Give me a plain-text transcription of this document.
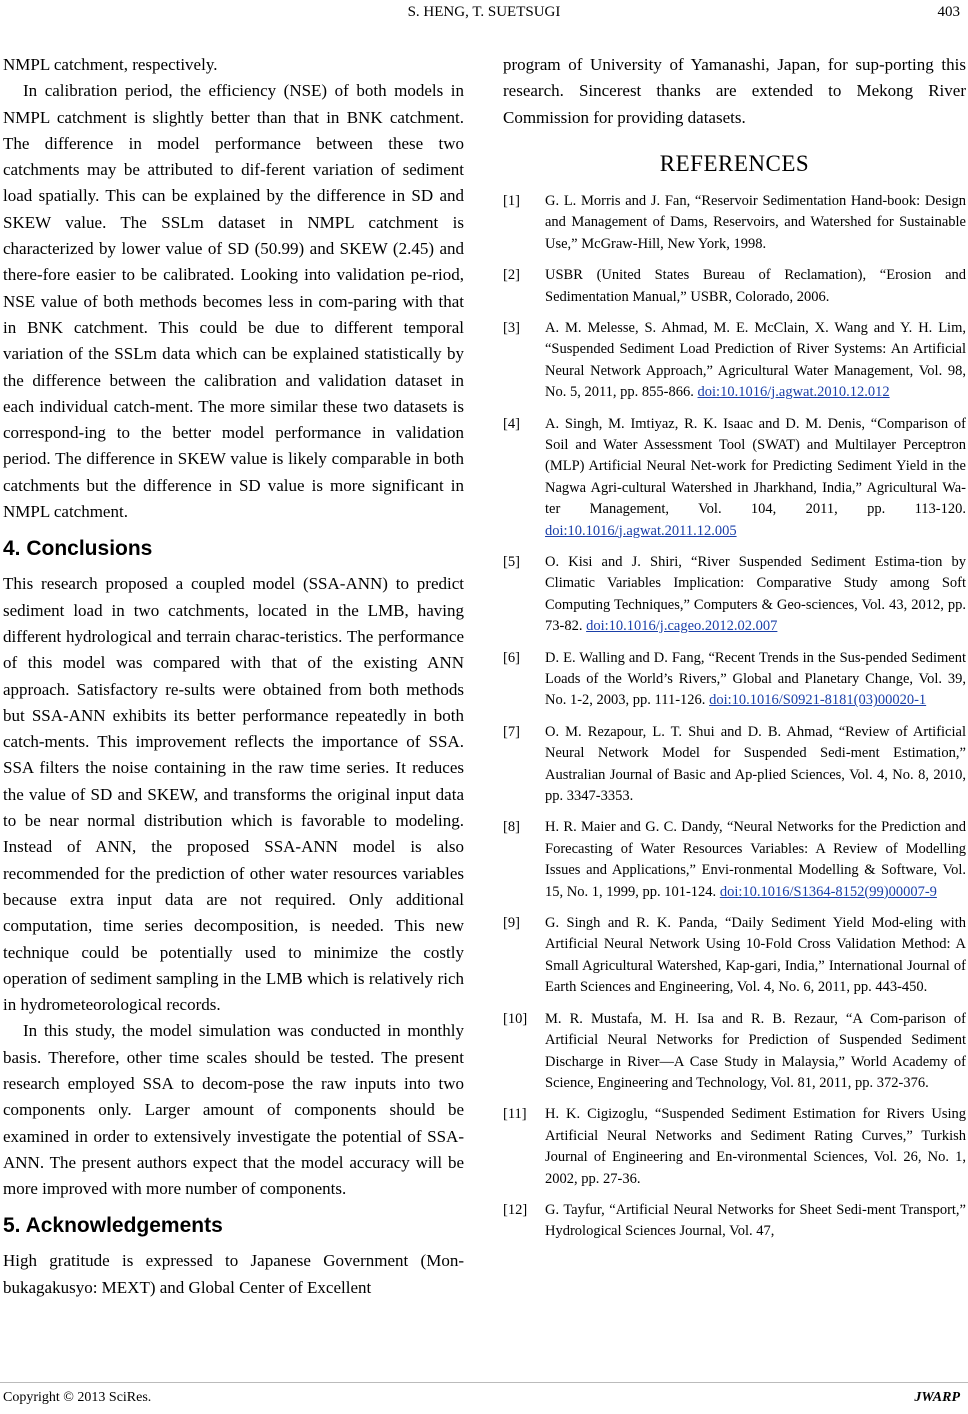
S. HENG, T. SUETSUGI	403

NMPL catchment, respectively.

In calibration period, the efficiency (NSE) of both models in NMPL catchment is slightly better than that in BNK catchment. The difference in model performance between these two catchments may be attributed to dif-ferent variation of sediment load spatially. This can be explained by the difference in SD and SKEW value. The SSLm dataset in NMPL catchment is characterized by lower value of SD (50.99) and SKEW (2.45) and there-fore easier to be calibrated. Looking into validation pe-riod, NSE value of both methods becomes less in com-paring with that in BNK catchment. This could be due to different temporal variation of the SSLm data which can be explained statistically by the difference between the calibration and validation dataset in each individual catch-ment. The more similar these two datasets is correspond-ing to the better model performance in validation period. The difference in SKEW value is likely comparable in both catchments but the difference in SD value is more significant in NMPL catchment.

4. Conclusions

This research proposed a coupled model (SSA-ANN) to predict sediment load in two catchments, located in the LMB, having different hydrological and terrain charac-teristics. The performance of this model was compared with that of the existing ANN approach. Satisfactory re-sults were obtained from both methods but SSA-ANN exhibits its better performance repeatedly in both catch-ments. This improvement reflects the importance of SSA. SSA filters the noise containing in the raw time series. It reduces the value of SD and SKEW, and transforms the original input data to be near normal distribution which is favorable to modeling. Instead of ANN, the proposed SSA-ANN model is also recommended for the prediction of other water resources variables because extra input data are not required. Only additional computation, time series decomposition, is needed. This new technique could be potentially used to minimize the costly operation of sediment sampling in the LMB which is relatively rich in hydrometeorological records.

In this study, the model simulation was conducted in monthly basis. Therefore, other time scales should be tested. The present research employed SSA to decom-pose the raw inputs into two components only. Larger amount of components should be examined in order to extensively investigate the potential of SSA-ANN. The present authors expect that the model accuracy will be more improved with more number of components.

5. Acknowledgements

High gratitude is expressed to Japanese Government (Mon-bukagakusyo: MEXT) and Global Center of Excellent

program of University of Yamanashi, Japan, for sup-porting this research. Sincerest thanks are extended to Mekong River Commission for providing datasets.

REFERENCES
[1]	G. L. Morris and J. Fan, “Reservoir Sedimentation Hand-book: Design and Management of Dams, Reservoirs, and Watershed for Sustainable Use,” McGraw-Hill, New York, 1998.
[2]	USBR (United States Bureau of Reclamation), “Erosion and Sedimentation Manual,” USBR, Colorado, 2006.
[3]	A. M. Melesse, S. Ahmad, M. E. McClain, X. Wang and Y. H. Lim, “Suspended Sediment Load Prediction of River Systems: An Artificial Neural Network Approach,” Agricultural Water Management, Vol. 98, No. 5, 2011, pp. 855-866. doi:10.1016/j.agwat.2010.12.012
[4]	A. Singh, M. Imtiyaz, R. K. Isaac and D. M. Denis, “Comparison of Soil and Water Assessment Tool (SWAT) and Multilayer Perceptron (MLP) Artificial Neural Net-work for Predicting Sediment Yield in the Nagwa Agri-cultural Watershed in Jharkhand, India,” Agricultural Wa-ter Management, Vol. 104, 2011, pp. 113-120. doi:10.1016/j.agwat.2011.12.005
[5]	O. Kisi and J. Shiri, “River Suspended Sediment Estima-tion by Climatic Variables Implication: Comparative Study among Soft Computing Techniques,” Computers & Geo-sciences, Vol. 43, 2012, pp. 73-82. doi:10.1016/j.cageo.2012.02.007
[6]	D. E. Walling and D. Fang, “Recent Trends in the Sus-pended Sediment Loads of the World’s Rivers,” Global and Planetary Change, Vol. 39, No. 1-2, 2003, pp. 111-126. doi:10.1016/S0921-8181(03)00020-1
[7]	O. M. Rezapour, L. T. Shui and D. B. Ahmad, “Review of Artificial Neural Network Model for Suspended Sedi-ment Estimation,” Australian Journal of Basic and Ap-plied Sciences, Vol. 4, No. 8, 2010, pp. 3347-3353.
[8]	H. R. Maier and G. C. Dandy, “Neural Networks for the Prediction and Forecasting of Water Resources Variables: A Review of Modelling Issues and Applications,” Envi-ronmental Modelling & Software, Vol. 15, No. 1, 1999, pp. 101-124. doi:10.1016/S1364-8152(99)00007-9
[9]	G. Singh and R. K. Panda, “Daily Sediment Yield Mod-eling with Artificial Neural Network Using 10-Fold Cross Validation Method: A Small Agricultural Watershed, Kap-gari, India,” International Journal of Earth Sciences and Engineering, Vol. 4, No. 6, 2011, pp. 443-450.
[10]	M. R. Mustafa, M. H. Isa and R. B. Rezaur, “A Com-parison of Artificial Neural Networks for Prediction of Suspended Sediment Discharge in River—A Case Study in Malaysia,” World Academy of Science, Engineering and Technology, Vol. 81, 2011, pp. 372-376.
[11]	H. K. Cigizoglu, “Suspended Sediment Estimation for Rivers Using Artificial Neural Networks and Sediment Rating Curves,” Turkish Journal of Engineering and En-vironmental Sciences, Vol. 26, No. 1, 2002, pp. 27-36.
[12]	G. Tayfur, “Artificial Neural Networks for Sheet Sedi-ment Transport,” Hydrological Sciences Journal, Vol. 47,
Copyright © 2013 SciRes.	JWARP
